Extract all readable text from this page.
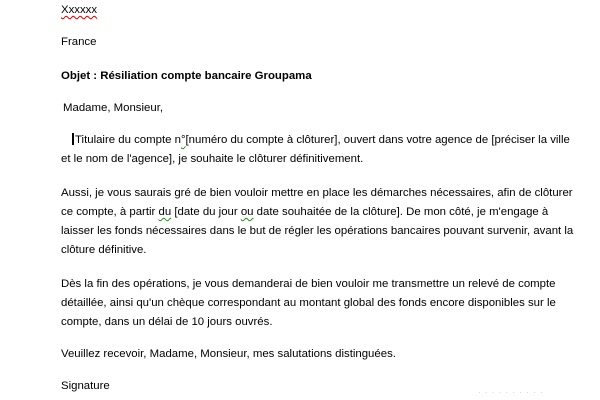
Xxxxxx
France
Objet : Résiliation compte bancaire Groupama
Madame, Monsieur,
Titulaire du compte n°[numéro du compte à clôturer], ouvert dans votre agence de [préciser la ville
et le nom de l'agence], je souhaite le clôturer définitivement.
Aussi, je vous saurais gré de bien vouloir mettre en place les démarches nécessaires, afin de clôturer
ce compte, à partir du [date du jour ou date souhaitée de la clôture]. De mon côté, je m'engage à
laisser les fonds nécessaires dans le but de régler les opérations bancaires pouvant survenir, avant la
clôture définitive.
Dès la fin des opérations, je vous demanderai de bien vouloir me transmettre un relevé de compte
détaillée, ainsi qu'un chèque correspondant au montant global des fonds encore disponibles sur le
compte, dans un délai de 10 jours ouvrés.
Veuillez recevoir, Madame, Monsieur, mes salutations distinguées.
Signature
· · · · · · · · · ·
